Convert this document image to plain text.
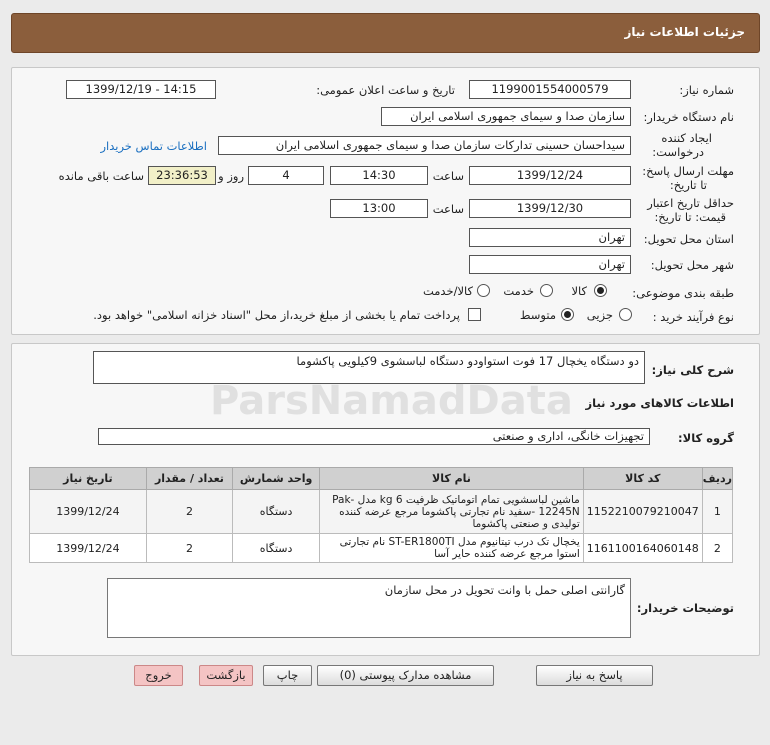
جزئیات اطلاعات نیاز
شماره نیاز:
1199001554000579
تاریخ و ساعت اعلان عمومی:
1399/12/19 - 14:15
نام دستگاه خریدار:
سازمان صدا و سیمای جمهوری اسلامی ایران
ایجاد کننده
درخواست:
سیداحسان حسینی تدارکات سازمان صدا و سیمای جمهوری اسلامی ایران
اطلاعات تماس خریدار
مهلت ارسال پاسخ:
تا تاریخ:
1399/12/24
ساعت
14:30
4
روز و
23:36:53
ساعت باقی مانده
حداقل تاریخ اعتبار
قیمت: تا تاریخ:
1399/12/30
ساعت
13:00
استان محل تحویل:
تهران
شهر محل تحویل:
تهران
طبقه بندی موضوعی:
کالا
خدمت
کالا/خدمت
نوع فرآیند خرید :
جزیی
متوسط
پرداخت تمام یا بخشی از مبلغ خرید،از محل "اسناد خزانه اسلامی" خواهد بود.
شرح کلی نیاز:
دو دستگاه یخچال 17 فوت استواودو دستگاه لباسشوی 9کیلویی پاکشوما
اطلاعات کالاهای مورد نیاز
گروه کالا:
تجهیزات خانگی، اداری و صنعتی
ردیف	کد کالا	نام کالا	واحد شمارش	تعداد / مقدار	تاریخ نیاز
1	1152210079210047	ماشین لباسشویی تمام اتوماتیک ظرفیت 6 kg مدل Pak-12245N -سفید نام تجارتی پاکشوما مرجع عرضه کننده تولیدی و صنعتی پاکشوما	دستگاه	2	1399/12/24
2	1161100164060148	یخچال تک درب تیتانیوم مدل ST-ER1800TI نام تجارتی استوا مرجع عرضه کننده حایر آسا	دستگاه	2	1399/12/24
توضیحات خریدار:
گارانتی اصلی حمل با وانت تحویل در محل سازمان
پاسخ به نیاز
مشاهده مدارک پیوستی (0)
چاپ
بازگشت
خروج
